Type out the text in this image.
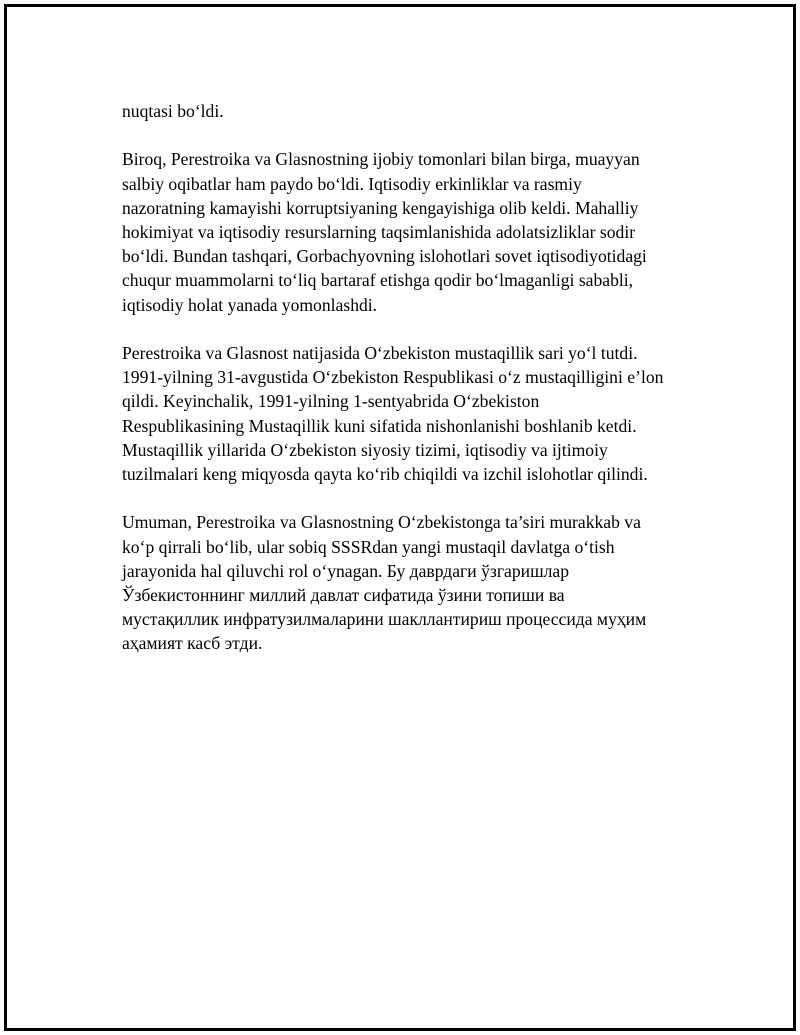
nuqtasi bo‘ldi.

Biroq, Perestroika va Glasnostning ijobiy tomonlari bilan birga, muayyan
salbiy oqibatlar ham paydo bo‘ldi. Iqtisodiy erkinliklar va rasmiy
nazoratning kamayishi korruptsiyaning kengayishiga olib keldi. Mahalliy
hokimiyat va iqtisodiy resurslarning taqsimlanishida adolatsizliklar sodir
bo‘ldi. Bundan tashqari, Gorbachyovning islohotlari sovet iqtisodiyotidagi
chuqur muammolarni to‘liq bartaraf etishga qodir bo‘lmaganligi sababli,
iqtisodiy holat yanada yomonlashdi.

Perestroika va Glasnost natijasida O‘zbekiston mustaqillik sari yo‘l tutdi.
1991-yilning 31-avgustida O‘zbekiston Respublikasi o‘z mustaqilligini e’lon
qildi. Keyinchalik, 1991-yilning 1-sentyabrida O‘zbekiston
Respublikasining Mustaqillik kuni sifatida nishonlanishi boshlanib ketdi.
Mustaqillik yillarida O‘zbekiston siyosiy tizimi, iqtisodiy va ijtimoiy
tuzilmalari keng miqyosda qayta ko‘rib chiqildi va izchil islohotlar qilindi.

Umuman, Perestroika va Glasnostning O‘zbekistonga ta’siri murakkab va
ko‘p qirrali bo‘lib, ular sobiq SSSRdan yangi mustaqil davlatga o‘tish
jarayonida hal qiluvchi rol o‘ynagan. Бу даврдаги ўзгаришлар
Ўзбекистоннинг миллий давлат сифатида ўзини топиши ва
мустақиллик инфратузилмаларини шакллантириш процессида муҳим
аҳамият касб этди.
